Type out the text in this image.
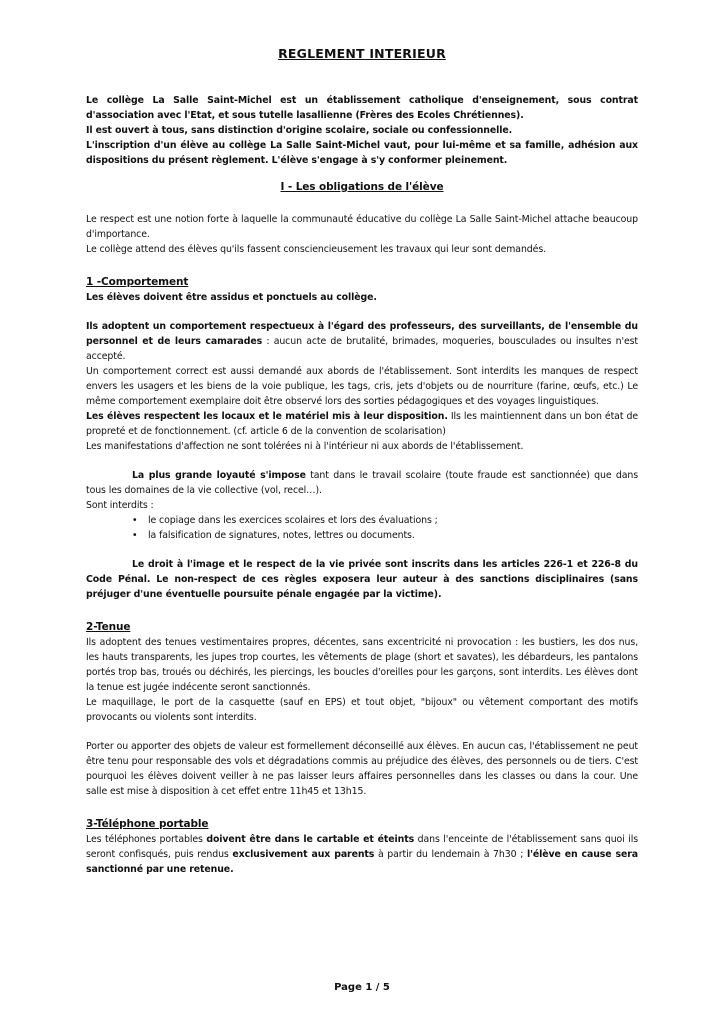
REGLEMENT INTERIEUR

Le collège La Salle Saint-Michel est un établissement catholique d'enseignement, sous contrat d'association avec l'Etat, et sous tutelle lasallienne (Frères des Ecoles Chrétiennes).

Il est ouvert à tous, sans distinction d'origine scolaire, sociale ou confessionnelle.

L'inscription d'un élève au collège La Salle Saint-Michel vaut, pour lui-même et sa famille, adhésion aux dispositions du présent règlement. L'élève s'engage à s'y conformer pleinement.

I - Les obligations de l'élève

Le respect est une notion forte à laquelle la communauté éducative du collège La Salle Saint-Michel attache beaucoup d'importance.

Le collège attend des élèves qu'ils fassent consciencieusement les travaux qui leur sont demandés.

1 -Comportement

Les élèves doivent être assidus et ponctuels au collège.

Ils adoptent un comportement respectueux à l'égard des professeurs, des surveillants, de l'ensemble du personnel et de leurs camarades : aucun acte de brutalité, brimades, moqueries, bousculades ou insultes n'est accepté.

Un comportement correct est aussi demandé aux abords de l'établissement. Sont interdits les manques de respect envers les usagers et les biens de la voie publique, les tags, cris, jets d'objets ou de nourriture (farine, œufs, etc.) Le même comportement exemplaire doit être observé lors des sorties pédagogiques et des voyages linguistiques.

Les élèves respectent les locaux et le matériel mis à leur disposition. Ils les maintiennent dans un bon état de propreté et de fonctionnement. (cf. article 6 de la convention de scolarisation)

Les manifestations d'affection ne sont tolérées ni à l'intérieur ni aux abords de l'établissement.

La plus grande loyauté s'impose tant dans le travail scolaire (toute fraude est sanctionnée) que dans tous les domaines de la vie collective (vol, recel…).

Sont interdits :

• le copiage dans les exercices scolaires et lors des évaluations ;
• la falsification de signatures, notes, lettres ou documents.

Le droit à l'image et le respect de la vie privée sont inscrits dans les articles 226-1 et 226-8 du Code Pénal. Le non-respect de ces règles exposera leur auteur à des sanctions disciplinaires (sans préjuger d'une éventuelle poursuite pénale engagée par la victime).

2-Tenue

Ils adoptent des tenues vestimentaires propres, décentes, sans excentricité ni provocation : les bustiers, les dos nus, les hauts transparents, les jupes trop courtes, les vêtements de plage (short et savates), les débardeurs, les pantalons portés trop bas, troués ou déchirés, les piercings, les boucles d'oreilles pour les garçons, sont interdits. Les élèves dont la tenue est jugée indécente seront sanctionnés.

Le maquillage, le port de la casquette (sauf en EPS) et tout objet, "bijoux" ou vêtement comportant des motifs provocants ou violents sont interdits.

Porter ou apporter des objets de valeur est formellement déconseillé aux élèves. En aucun cas, l'établissement ne peut être tenu pour responsable des vols et dégradations commis au préjudice des élèves, des personnels ou de tiers. C'est pourquoi les élèves doivent veiller à ne pas laisser leurs affaires personnelles dans les classes ou dans la cour. Une salle est mise à disposition à cet effet entre 11h45 et 13h15.

3-Téléphone portable

Les téléphones portables doivent être dans le cartable et éteints dans l'enceinte de l'établissement sans quoi ils seront confisqués, puis rendus exclusivement aux parents à partir du lendemain à 7h30 ; l'élève en cause sera sanctionné par une retenue.

Page 1 / 5
